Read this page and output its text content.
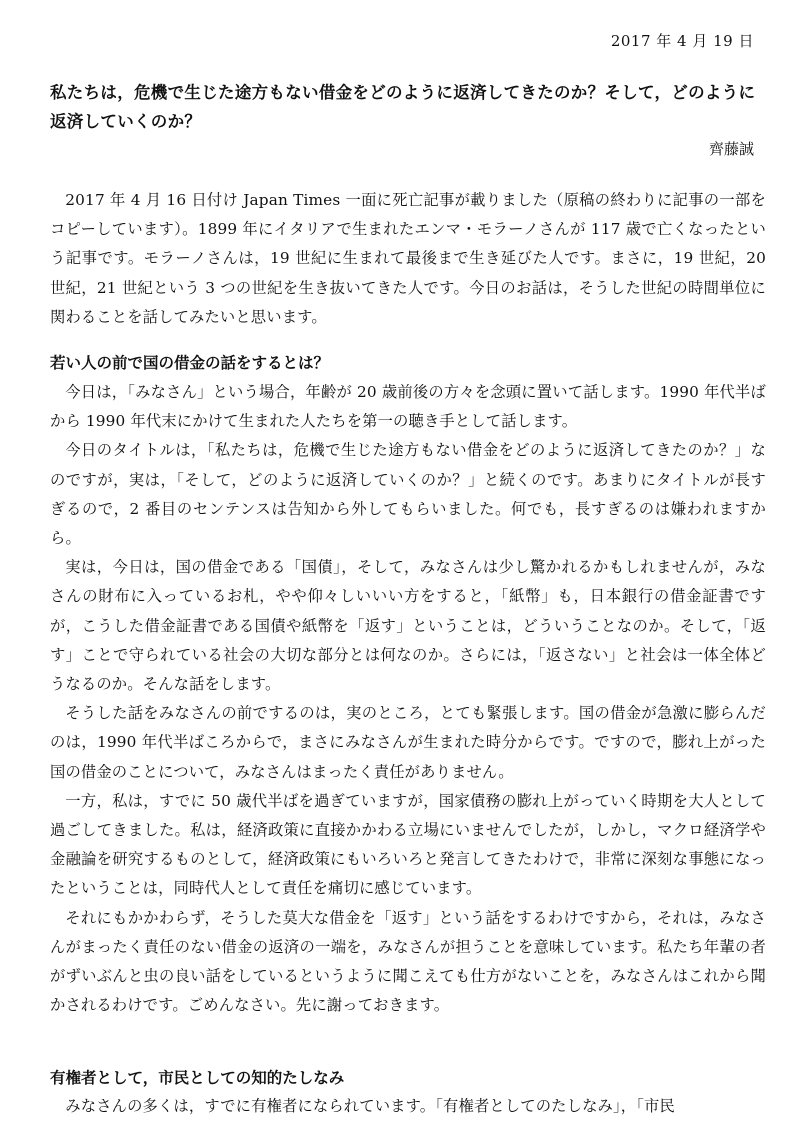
2017 年 4 月 19 日
私たちは，危機で生じた途方もない借金をどのように返済してきたのか？そして，どのように返済していくのか？
齊藤誠

2017 年 4 月 16 日付け Japan Times 一面に死亡記事が載りました（原稿の終わりに記事の一部をコピーしています）。1899 年にイタリアで生まれたエンマ・モラーノさんが 117 歳で亡くなったという記事です。モラーノさんは，19 世紀に生まれて最後まで生き延びた人です。まさに，19 世紀，20 世紀，21 世紀という 3 つの世紀を生き抜いてきた人です。今日のお話は，そうした世紀の時間単位に関わることを話してみたいと思います。

若い人の前で国の借金の話をするとは？

今日は，「みなさん」という場合，年齢が 20 歳前後の方々を念頭に置いて話します。1990 年代半ばから 1990 年代末にかけて生まれた人たちを第一の聴き手として話します。

今日のタイトルは，「私たちは，危機で生じた途方もない借金をどのように返済してきたのか？」なのですが，実は，「そして，どのように返済していくのか？」と続くのです。あまりにタイトルが長すぎるので，2 番目のセンテンスは告知から外してもらいました。何でも，長すぎるのは嫌われますから。

実は，今日は，国の借金である「国債」，そして，みなさんは少し驚かれるかもしれませんが，みなさんの財布に入っているお札，やや仰々しいいい方をすると，「紙幣」も，日本銀行の借金証書ですが，こうした借金証書である国債や紙幣を「返す」ということは，どういうことなのか。そして，「返す」ことで守られている社会の大切な部分とは何なのか。さらには，「返さない」と社会は一体全体どうなるのか。そんな話をします。

そうした話をみなさんの前でするのは，実のところ，とても緊張します。国の借金が急激に膨らんだのは，1990 年代半ばころからで，まさにみなさんが生まれた時分からです。ですので，膨れ上がった国の借金のことについて，みなさんはまったく責任がありません。

一方，私は，すでに 50 歳代半ばを過ぎていますが，国家債務の膨れ上がっていく時期を大人として過ごしてきました。私は，経済政策に直接かかわる立場にいませんでしたが，しかし，マクロ経済学や金融論を研究するものとして，経済政策にもいろいろと発言してきたわけで，非常に深刻な事態になったということは，同時代人として責任を痛切に感じています。

それにもかかわらず，そうした莫大な借金を「返す」という話をするわけですから，それは，みなさんがまったく責任のない借金の返済の一端を，みなさんが担うことを意味しています。私たち年輩の者がずいぶんと虫の良い話をしているというように聞こえても仕方がないことを，みなさんはこれから聞かされるわけです。ごめんなさい。先に謝っておきます。

有権者として，市民としての知的たしなみ

みなさんの多くは，すでに有権者になられています。「有権者としてのたしなみ」，「市民
